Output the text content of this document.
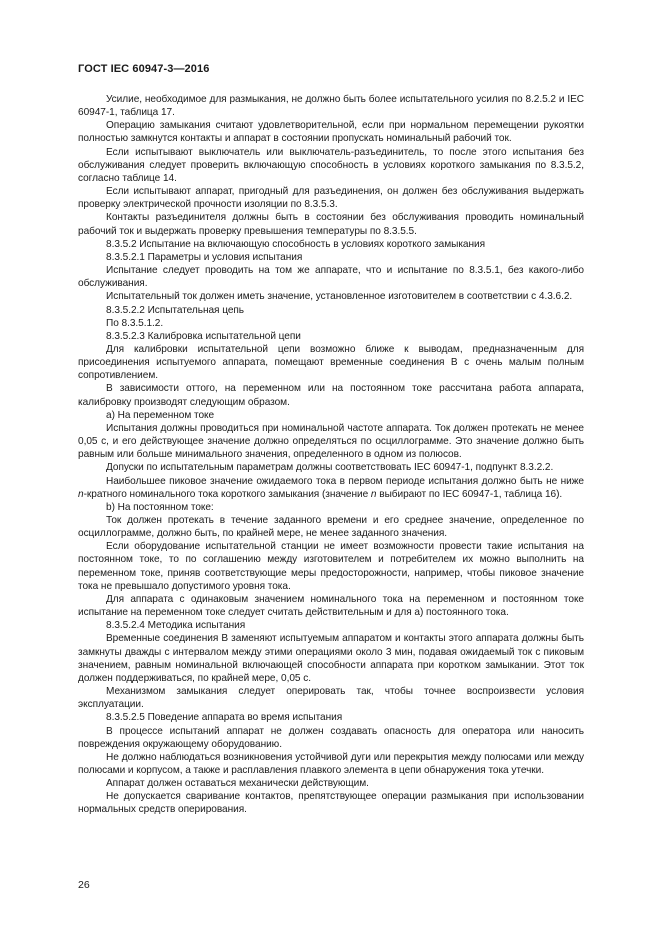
ГОСТ IEC 60947-3—2016

Усилие, необходимое для размыкания, не должно быть более испытательного усилия по 8.2.5.2 и IEC 60947-1, таблица 17.

Операцию замыкания считают удовлетворительной, если при нормальном перемещении рукоятки полностью замкнутся контакты и аппарат в состоянии пропускать номинальный рабочий ток.

Если испытывают выключатель или выключатель-разъединитель, то после этого испытания без обслуживания следует проверить включающую способность в условиях короткого замыкания по 8.3.5.2, согласно таблице 14.

Если испытывают аппарат, пригодный для разъединения, он должен без обслуживания выдержать проверку электрической прочности изоляции по 8.3.5.3.

Контакты разъединителя должны быть в состоянии без обслуживания проводить номинальный рабочий ток и выдержать проверку превышения температуры по 8.3.5.5.

8.3.5.2 Испытание на включающую способность в условиях короткого замыкания

8.3.5.2.1 Параметры и условия испытания

Испытание следует проводить на том же аппарате, что и испытание по 8.3.5.1, без какого-либо обслуживания.

Испытательный ток должен иметь значение, установленное изготовителем в соответствии с 4.3.6.2.

8.3.5.2.2 Испытательная цепь

По 8.3.5.1.2.

8.3.5.2.3 Калибровка испытательной цепи

Для калибровки испытательной цепи возможно ближе к выводам, предназначенным для присоединения испытуемого аппарата, помещают временные соединения B с очень малым полным сопротивлением.

В зависимости оттого, на переменном или на постоянном токе рассчитана работа аппарата, калибровку производят следующим образом.

a) На переменном токе

Испытания должны проводиться при номинальной частоте аппарата. Ток должен протекать не менее 0,05 с, и его действующее значение должно определяться по осциллограмме. Это значение должно быть равным или больше минимального значения, определенного в одном из полюсов.

Допуски по испытательным параметрам должны соответствовать IEC 60947-1, подпункт 8.3.2.2.

Наибольшее пиковое значение ожидаемого тока в первом периоде испытания должно быть не ниже n-кратного номинального тока короткого замыкания (значение n выбирают по IEC 60947-1, таблица 16).

b) На постоянном токе:

Ток должен протекать в течение заданного времени и его среднее значение, определенное по осциллограмме, должно быть, по крайней мере, не менее заданного значения.

Если оборудование испытательной станции не имеет возможности провести такие испытания на постоянном токе, то по соглашению между изготовителем и потребителем их можно выполнить на переменном токе, приняв соответствующие меры предосторожности, например, чтобы пиковое значение тока не превышало допустимого уровня тока.

Для аппарата с одинаковым значением номинального тока на переменном и постоянном токе испытание на переменном токе следует считать действительным и для а) постоянного тока.

8.3.5.2.4 Методика испытания

Временные соединения B заменяют испытуемым аппаратом и контакты этого аппарата должны быть замкнуты дважды с интервалом между этими операциями около 3 мин, подавая ожидаемый ток с пиковым значением, равным номинальной включающей способности аппарата при коротком замыкании. Этот ток должен поддерживаться, по крайней мере, 0,05 с.

Механизмом замыкания следует оперировать так, чтобы точнее воспроизвести условия эксплуатации.

8.3.5.2.5 Поведение аппарата во время испытания

В процессе испытаний аппарат не должен создавать опасность для оператора или наносить повреждения окружающему оборудованию.

Не должно наблюдаться возникновения устойчивой дуги или перекрытия между полюсами или между полюсами и корпусом, а также и расплавления плавкого элемента в цепи обнаружения тока утечки.

Аппарат должен оставаться механически действующим.

Не допускается сваривание контактов, препятствующее операции размыкания при использовании нормальных средств оперирования.

26
